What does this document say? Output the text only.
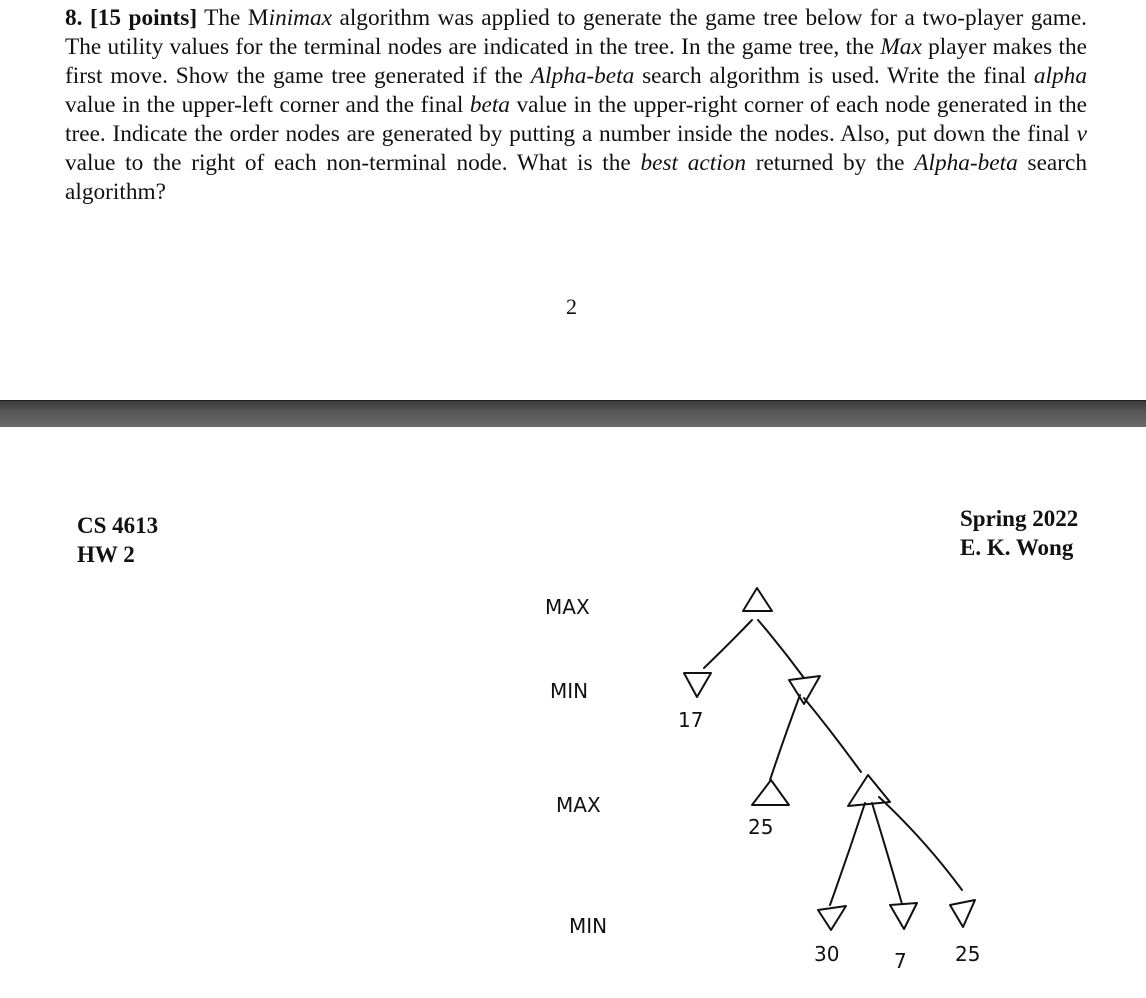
8. [15 points] The Minimax algorithm was applied to generate the game tree below for a two-player game. The utility values for the terminal nodes are indicated in the tree. In the game tree, the Max player makes the first move. Show the game tree generated if the Alpha-beta search algorithm is used. Write the final alpha value in the upper-left corner and the final beta value in the upper-right corner of each node generated in the tree. Indicate the order nodes are generated by putting a number inside the nodes. Also, put down the final v value to the right of each non-terminal node. What is the best action returned by the Alpha-beta search algorithm?
2
CS 4613
HW 2
Spring 2022
E. K. Wong
MAX
MIN
MAX
MIN
17
25
30	7 25
